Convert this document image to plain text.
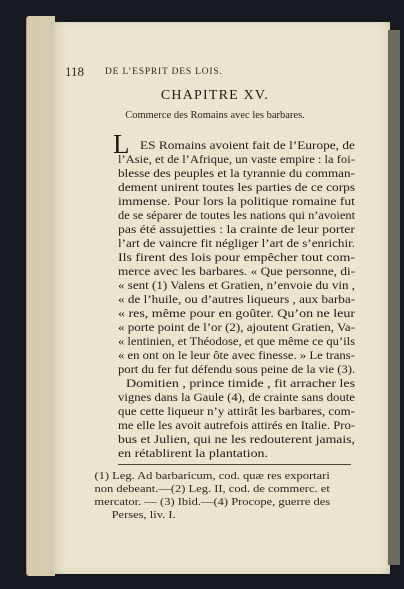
118 DE L’ESPRIT DES LOIS.
CHAPITRE XV.
Commerce des Romains avec les barbares.
L ES Romains avoient fait de l’Europe, de
l’Asie, et de l’Afrique, un vaste empire : la foi-
blesse des peuples et la tyrannie du comman-
dement unirent toutes les parties de ce corps
immense. Pour lors la politique romaine fut
de se séparer de toutes les nations qui n’avoient
pas été assujetties : la crainte de leur porter
l’art de vaincre fit négliger l’art de s’enrichir.
Ils firent des lois pour empêcher tout com-
merce avec les barbares. « Que personne, di-
« sent (1) Valens et Gratien, n’envoie du vin ,
« de l’huile, ou d’autres liqueurs , aux barba-
« res, même pour en goûter. Qu’on ne leur
« porte point de l’or (2), ajoutent Gratien, Va-
« lentinien, et Théodose, et que même ce qu’ils
« en ont on le leur ôte avec finesse. » Le trans-
port du fer fut défendu sous peine de la vie (3).
Domitien , prince timide , fit arracher les
vignes dans la Gaule (4), de crainte sans doute
que cette liqueur n’y attirât les barbares, com-
me elle les avoit autrefois attirés en Italie. Pro-
bus et Julien, qui ne les redouterent jamais,
en rétablirent la plantation.
(1) Leg. Ad barbaricum, cod. quæ res exportari
non debeant.—(2) Leg. II, cod. de commerc. et
mercator. — (3) Ibid.—(4) Procope, guerre des
Perses, liv. I.
